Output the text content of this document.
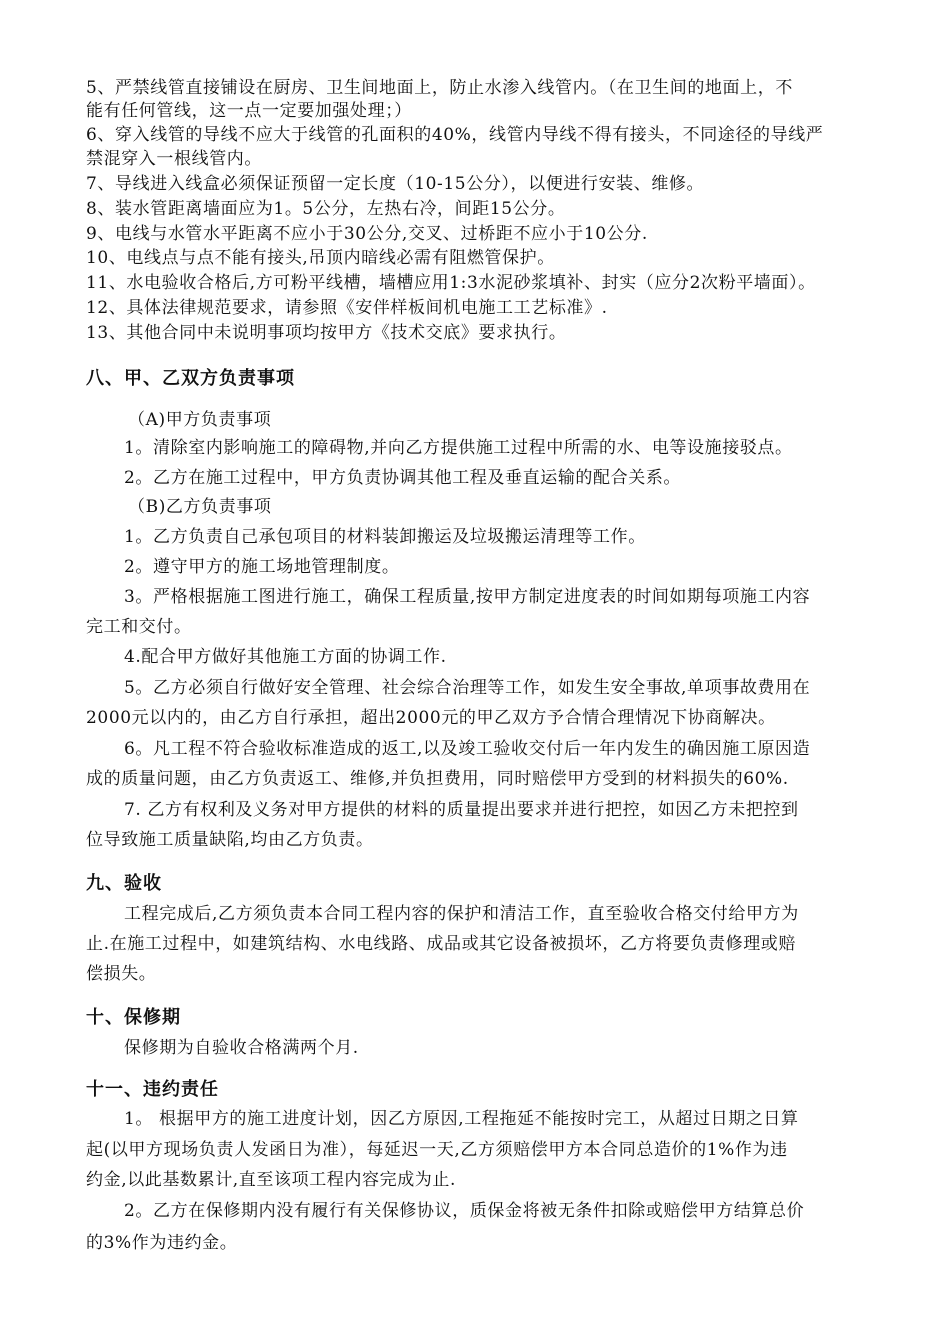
5、严禁线管直接铺设在厨房、卫生间地面上，防止水渗入线管内。（在卫生间的地面上，不
能有任何管线，这一点一定要加强处理；）
6、穿入线管的导线不应大于线管的孔面积的40%，线管内导线不得有接头，不同途径的导线严
禁混穿入一根线管内。
7、导线进入线盒必须保证预留一定长度（10-15公分），以便进行安装、维修。
8、装水管距离墙面应为1。5公分，左热右冷，间距15公分。
9、电线与水管水平距离不应小于30公分,交叉、过桥距不应小于10公分.
10、电线点与点不能有接头,吊顶内暗线必需有阻燃管保护。
11、水电验收合格后,方可粉平线槽，墙槽应用1:3水泥砂浆填补、封实（应分2次粉平墙面）。
12、具体法律规范要求，请参照《安伴样板间机电施工工艺标准》.
13、其他合同中未说明事项均按甲方《技术交底》要求执行。
八、甲、乙双方负责事项
（A)甲方负责事项
1。清除室内影响施工的障碍物,并向乙方提供施工过程中所需的水、电等设施接驳点。
2。乙方在施工过程中，甲方负责协调其他工程及垂直运输的配合关系。
（B)乙方负责事项
1。乙方负责自己承包项目的材料装卸搬运及垃圾搬运清理等工作。
2。遵守甲方的施工场地管理制度。
3。严格根据施工图进行施工，确保工程质量,按甲方制定进度表的时间如期每项施工内容
完工和交付。
4.配合甲方做好其他施工方面的协调工作.
5。乙方必须自行做好安全管理、社会综合治理等工作，如发生安全事故,单项事故费用在
2000元以内的，由乙方自行承担，超出2000元的甲乙双方予合情合理情况下协商解决。
6。凡工程不符合验收标准造成的返工,以及竣工验收交付后一年内发生的确因施工原因造
成的质量问题，由乙方负责返工、维修,并负担费用，同时赔偿甲方受到的材料损失的60%.
7. 乙方有权利及义务对甲方提供的材料的质量提出要求并进行把控，如因乙方未把控到
位导致施工质量缺陷,均由乙方负责。
九、验收
工程完成后,乙方须负责本合同工程内容的保护和清洁工作，直至验收合格交付给甲方为
止.在施工过程中，如建筑结构、水电线路、成品或其它设备被损坏，乙方将要负责修理或赔
偿损失。
十、保修期
保修期为自验收合格满两个月.
十一、违约责任
1。 根据甲方的施工进度计划，因乙方原因,工程拖延不能按时完工，从超过日期之日算
起(以甲方现场负责人发函日为准），每延迟一天,乙方须赔偿甲方本合同总造价的1%作为违
约金,以此基数累计,直至该项工程内容完成为止.
2。乙方在保修期内没有履行有关保修协议，质保金将被无条件扣除或赔偿甲方结算总价
的3%作为违约金。
